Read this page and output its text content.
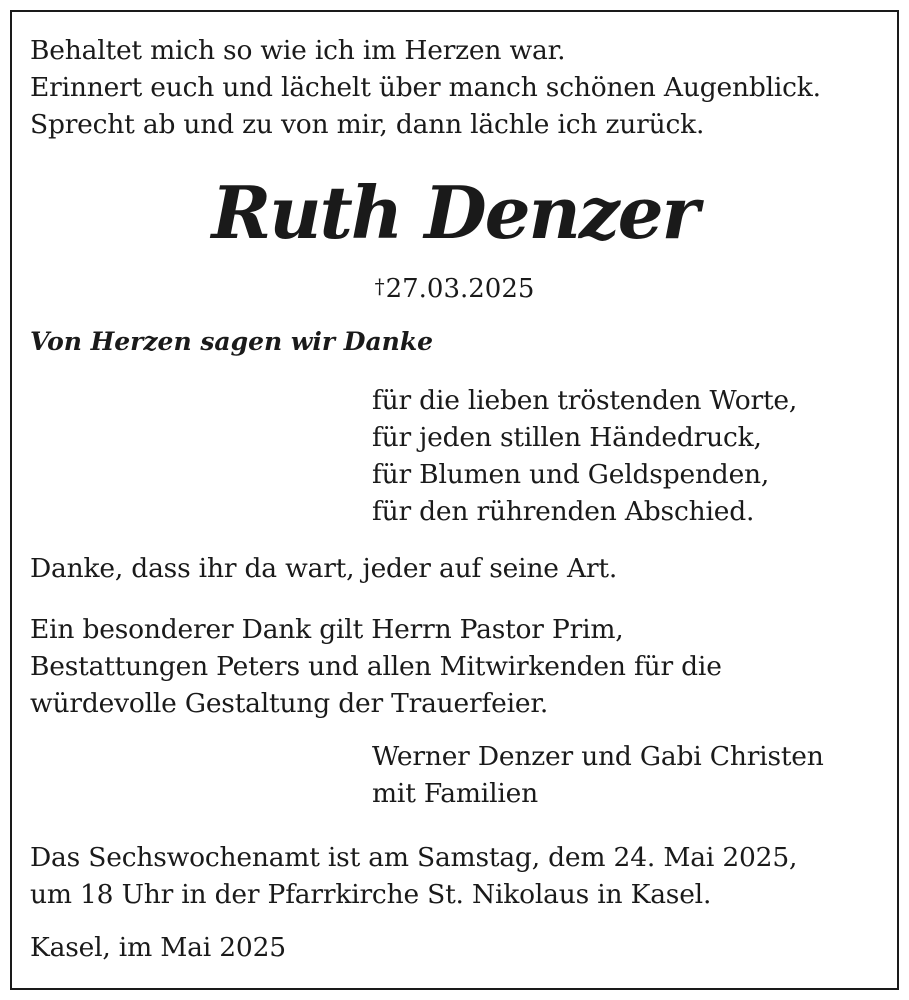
Behaltet mich so wie ich im Herzen war.
Erinnert euch und lächelt über manch schönen Augenblick.
Sprecht ab und zu von mir, dann lächle ich zurück.
Ruth Denzer
†27.03.2025
Von Herzen sagen wir Danke
für die lieben tröstenden Worte,
für jeden stillen Händedruck,
für Blumen und Geldspenden,
für den rührenden Abschied.
Danke, dass ihr da wart, jeder auf seine Art.
Ein besonderer Dank gilt Herrn Pastor Prim,
Bestattungen Peters und allen Mitwirkenden für die
würdevolle Gestaltung der Trauerfeier.
Werner Denzer und Gabi Christen
mit Familien
Das Sechswochenamt ist am Samstag, dem 24. Mai 2025,
um 18 Uhr in der Pfarrkirche St. Nikolaus in Kasel.
Kasel, im Mai 2025
